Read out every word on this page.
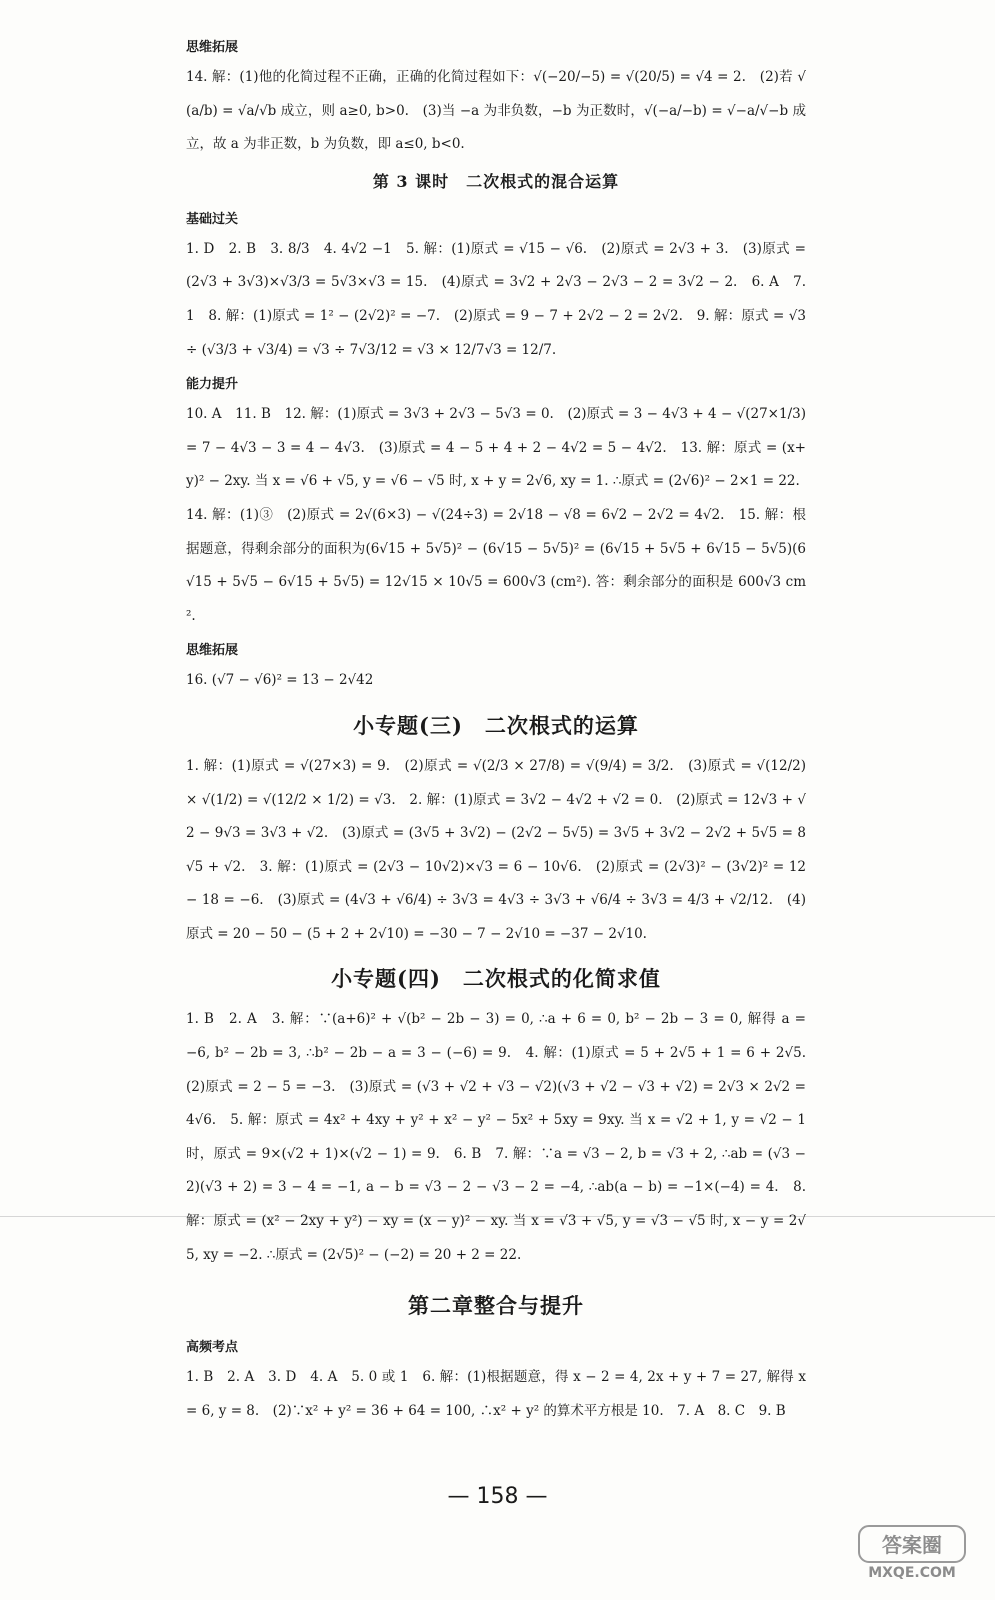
思维拓展

14. 解：(1)他的化简过程不正确，正确的化简过程如下：√(−20/−5) = √(20/5) = √4 = 2.　(2)若 √(a/b) = √a/√b 成立，则 a≥0, b>0.　(3)当 −a 为非负数，−b 为正数时，√(−a/−b) = √−a/√−b 成立，故 a 为非正数，b 为负数，即 a≤0, b<0.

第 3 课时　二次根式的混合运算

基础过关

1. D　2. B　3. 8/3　4. 4√2 −1　5. 解：(1)原式 = √15 − √6.　(2)原式 = 2√3 + 3.　(3)原式 = (2√3 + 3√3)×√3/3 = 5√3×√3 = 15.　(4)原式 = 3√2 + 2√3 − 2√3 − 2 = 3√2 − 2.　6. A　7. 1　8. 解：(1)原式 = 1² − (2√2)² = −7.　(2)原式 = 9 − 7 + 2√2 − 2 = 2√2.　9. 解：原式 = √3 ÷ (√3/3 + √3/4) = √3 ÷ 7√3/12 = √3 × 12/7√3 = 12/7.

能力提升

10. A　11. B　12. 解：(1)原式 = 3√3 + 2√3 − 5√3 = 0.　(2)原式 = 3 − 4√3 + 4 − √(27×1/3) = 7 − 4√3 − 3 = 4 − 4√3.　(3)原式 = 4 − 5 + 4 + 2 − 4√2 = 5 − 4√2.　13. 解：原式 = (x+y)² − 2xy. 当 x = √6 + √5, y = √6 − √5 时, x + y = 2√6, xy = 1. ∴原式 = (2√6)² − 2×1 = 22.

14. 解：(1)③　(2)原式 = 2√(6×3) − √(24÷3) = 2√18 − √8 = 6√2 − 2√2 = 4√2.　15. 解：根据题意，得剩余部分的面积为(6√15 + 5√5)² − (6√15 − 5√5)² = (6√15 + 5√5 + 6√15 − 5√5)(6√15 + 5√5 − 6√15 + 5√5) = 12√15 × 10√5 = 600√3 (cm²). 答：剩余部分的面积是 600√3 cm².

思维拓展

16. (√7 − √6)² = 13 − 2√42

小专题(三)　二次根式的运算

1. 解：(1)原式 = √(27×3) = 9.　(2)原式 = √(2/3 × 27/8) = √(9/4) = 3/2.　(3)原式 = √(12/2) × √(1/2) = √(12/2 × 1/2) = √3.　2. 解：(1)原式 = 3√2 − 4√2 + √2 = 0.　(2)原式 = 12√3 + √2 − 9√3 = 3√3 + √2.　(3)原式 = (3√5 + 3√2) − (2√2 − 5√5) = 3√5 + 3√2 − 2√2 + 5√5 = 8√5 + √2.　3. 解：(1)原式 = (2√3 − 10√2)×√3 = 6 − 10√6.　(2)原式 = (2√3)² − (3√2)² = 12 − 18 = −6.　(3)原式 = (4√3 + √6/4) ÷ 3√3 = 4√3 ÷ 3√3 + √6/4 ÷ 3√3 = 4/3 + √2/12.　(4)原式 = 20 − 50 − (5 + 2 + 2√10) = −30 − 7 − 2√10 = −37 − 2√10.

小专题(四)　二次根式的化简求值

1. B　2. A　3. 解：∵(a+6)² + √(b² − 2b − 3) = 0, ∴a + 6 = 0, b² − 2b − 3 = 0, 解得 a = −6, b² − 2b = 3, ∴b² − 2b − a = 3 − (−6) = 9.　4. 解：(1)原式 = 5 + 2√5 + 1 = 6 + 2√5.　(2)原式 = 2 − 5 = −3.　(3)原式 = (√3 + √2 + √3 − √2)(√3 + √2 − √3 + √2) = 2√3 × 2√2 = 4√6.　5. 解：原式 = 4x² + 4xy + y² + x² − y² − 5x² + 5xy = 9xy. 当 x = √2 + 1, y = √2 − 1 时，原式 = 9×(√2 + 1)×(√2 − 1) = 9.　6. B　7. 解：∵a = √3 − 2, b = √3 + 2, ∴ab = (√3 − 2)(√3 + 2) = 3 − 4 = −1, a − b = √3 − 2 − √3 − 2 = −4, ∴ab(a − b) = −1×(−4) = 4.　8. 解：原式 = (x² − 2xy + y²) − xy = (x − y)² − xy. 当 x = √3 + √5, y = √3 − √5 时, x − y = 2√5, xy = −2. ∴原式 = (2√5)² − (−2) = 20 + 2 = 22.

第二章整合与提升

高频考点

1. B　2. A　3. D　4. A　5. 0 或 1　6. 解：(1)根据题意，得 x − 2 = 4, 2x + y + 7 = 27, 解得 x = 6, y = 8.　(2)∵x² + y² = 36 + 64 = 100, ∴x² + y² 的算术平方根是 10.　7. A　8. C　9. B

— 158 —
答案圈
MXQE.COM
